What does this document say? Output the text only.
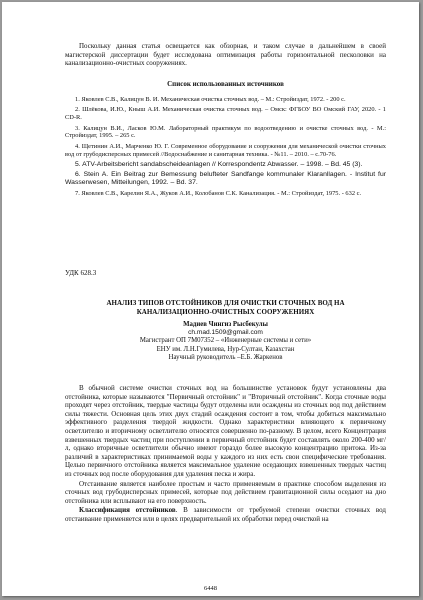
Поскольку данная статья освещается как обзорная, и таком случае в дальнейшем в своей магистерской диссертации будет исследована оптимизация работы горизонтальной песколовки на канализационно-очистных сооружениях.

Список использованных источников

1. Яковлев С.В., Калицун В. И. Механическая очистка сточных вод. – М.: Стройиздат, 1972. - 200 с.

2. Шлёкова, И.Ю., Кныш А.И. Механическая очистка сточных вод. – Омск: ФГБОУ ВО Омский ГАУ, 2020. - 1 CD-R.

3. Калицун В.И., Ласков Ю.М. Лабораторный практикум по водоотведению и очистке сточных вод. - М.: Стройиздат, 1995. – 265 с.

4. Щетинин А.И., Марченко Ю. Г. Современное оборудование и сооружения для механической очистки сточных вод от грубодисперсных примесей //Водоснабжение и санитарная техника. - №11. – 2010. – с.70-76.

5. ATV-Arbeitsbericht sandabscheideanlagen // Korrespondentz Abwasser. – 1998. – Bd. 45 (3).

6. Stein A. Ein Beitrag zur Bemessung belufteter Sandfange kommunaler Klaranllagen. - Institut fur Wasserwesen, Mitteilungen, 1992. – Bd. 37.

7. Яковлев С.В., Карелин Я.А., Жуков А.И., Колобанов С.К. Канализация. - М.: Стройиздат, 1975. - 632 с.

УДК 628.3

АНАЛИЗ ТИПОВ ОТСТОЙНИКОВ ДЛЯ ОЧИСТКИ СТОЧНЫХ ВОД НА КАНАЛИЗАЦИОННО-ОЧИСТНЫХ СООРУЖЕНИЯХ

Мадиев Чингиз Рысбекулы

ch.mad.1509@gmail.com

Магистрант ОП 7М07352 – «Инженерные системы и сети»

ЕНУ им. Л.Н.Гумилева, Нур-Султан, Казахстан

Научный руководитель –Е.Б. Жаркенов

В обычной системе очистки сточных вод на большинстве установок будут установлены два отстойника, которые называются "Первичный отстойник" и "Вторичный отстойник". Когда сточные воды проходят через отстойник, твердые частицы будут отделены или осаждены из сточных вод под действием силы тяжести. Основная цель этих двух стадий осаждения состоит в том, чтобы добиться максимально эффективного разделения твердой жидкости. Однако характеристики влияющего к первичному осветлителю и вторичному осветлителю относятся совершенно по-разному. В целом, всего Концентрация взвешенных твердых частиц при поступлении в первичный отстойник будет составлять около 200-400 мг/л, однако вторичные осветлители обычно имеют гораздо более высокую концентрацию притока. Из-за различий в характеристиках принимаемой воды у каждого из них есть свои специфические требования. Целью первичного отстойника является максимальное удаление оседающих взвешенных твердых частиц из сточных вод после оборудования для удаления песка и жира.

Отстаивание является наиболее простым и часто применяемым в практике способом выделения из сточных вод грубодисперсных примесей, которые под действием гравитационной силы оседают на дно отстойника или всплывают на его поверхность.

Классификация отстойников. В зависимости от требуемой степени очистки сточных вод отстаивание применяется или в целях предварительной их обработки перед очисткой на

6448
